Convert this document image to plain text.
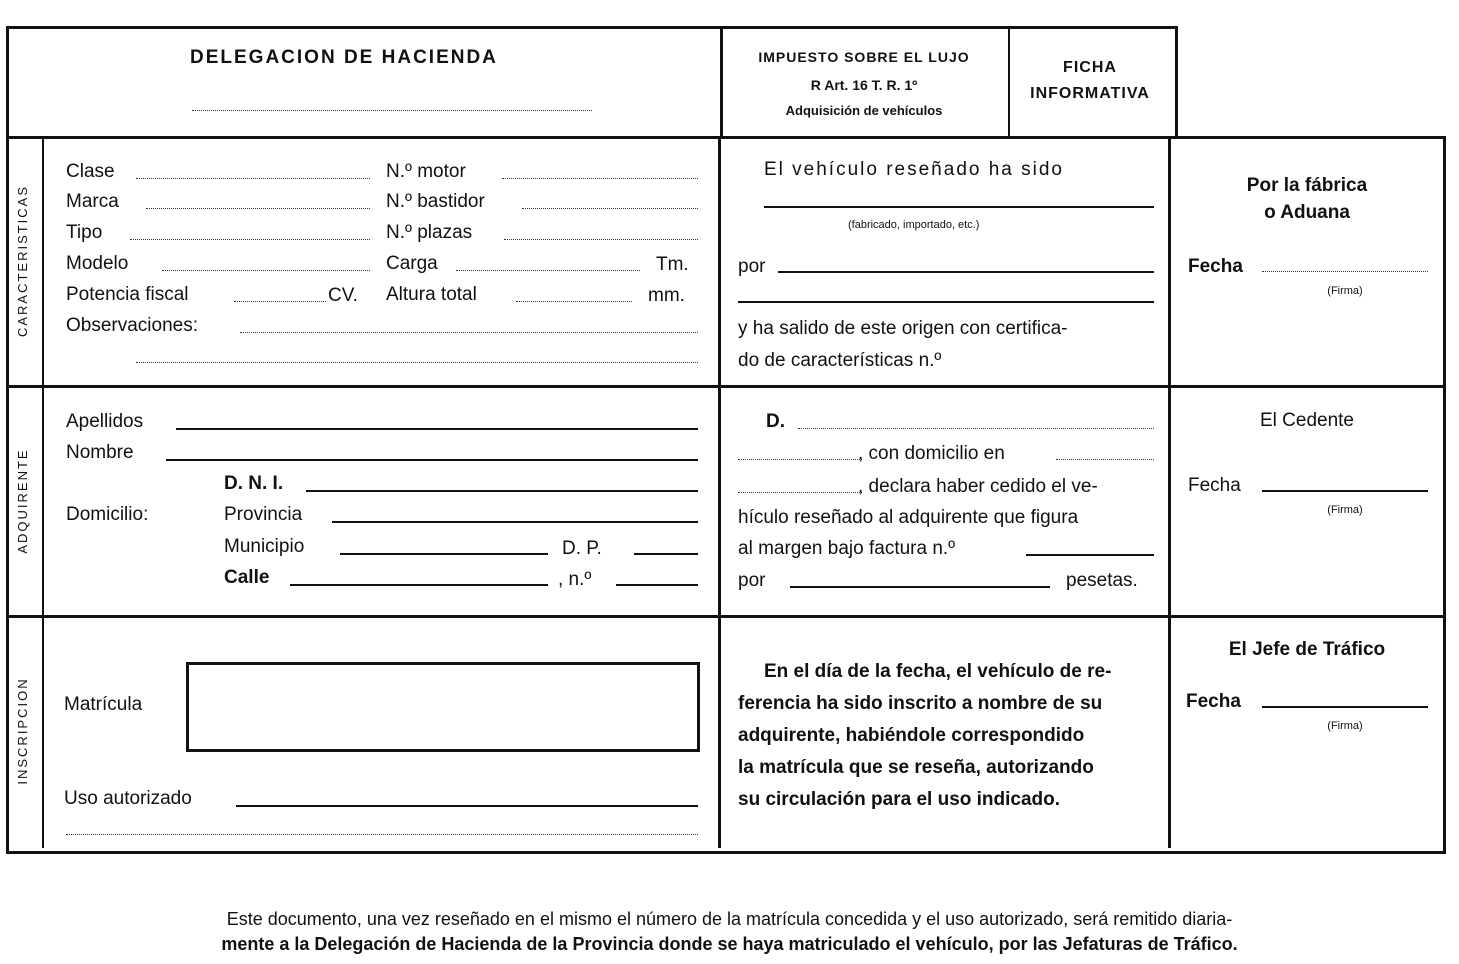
DELEGACION DE HACIENDA	IMPUESTO SOBRE EL LUJO
R Art. 16 T. R. 1º
Adquisición de vehículos
FICHA
INFORMATIVA
CARACTERISTICAS
ADQUIRENTE
INSCRIPCION
Clase	N.º motor
Marca	N.º bastidor
Tipo	N.º plazas
Modelo	Carga	Tm.
Potencia fiscal	CV. Altura total	mm.
Observaciones:
El vehículo reseñado ha sido
(fabricado, importado, etc.)
por
y ha salido de este origen con certifica-
do de características n.º
Por la fábrica
o Aduana
Fecha
(Firma)
Apellidos
Nombre
D. N. I.
Domicilio:	Provincia
Municipio	D. P.
Calle	, n.º
D.
, con domicilio en
, declara haber cedido el ve-
hículo reseñado al adquirente que figura
al margen bajo factura n.º
por	pesetas.
El Cedente
Fecha
(Firma)
Matrícula
Uso autorizado
En el día de la fecha, el vehículo de re-
ferencia ha sido inscrito a nombre de su
adquirente, habiéndole correspondido
la matrícula que se reseña, autorizando
su circulación para el uso indicado.
El Jefe de Tráfico
Fecha
(Firma)
Este documento, una vez reseñado en el mismo el número de la matrícula concedida y el uso autorizado, será remitido diaria-
mente a la Delegación de Hacienda de la Provincia donde se haya matriculado el vehículo, por las Jefaturas de Tráfico.
